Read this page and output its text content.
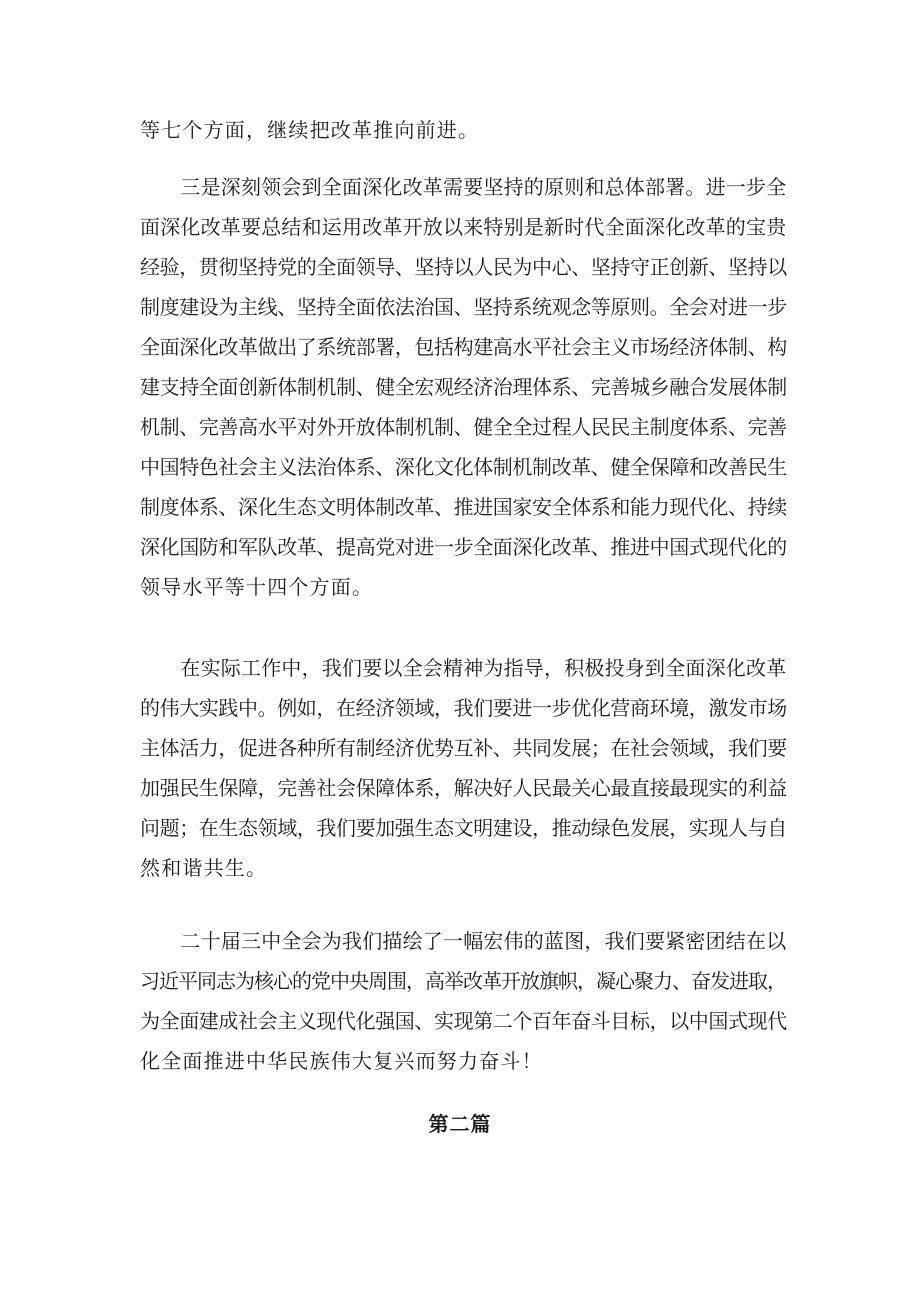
等七个方面，继续把改革推向前进。
　　三是深刻领会到全面深化改革需要坚持的原则和总体部署。进一步全
面深化改革要总结和运用改革开放以来特别是新时代全面深化改革的宝贵
经验，贯彻坚持党的全面领导、坚持以人民为中心、坚持守正创新、坚持以
制度建设为主线、坚持全面依法治国、坚持系统观念等原则。全会对进一步
全面深化改革做出了系统部署，包括构建高水平社会主义市场经济体制、构
建支持全面创新体制机制、健全宏观经济治理体系、完善城乡融合发展体制
机制、完善高水平对外开放体制机制、健全全过程人民民主制度体系、完善
中国特色社会主义法治体系、深化文化体制机制改革、健全保障和改善民生
制度体系、深化生态文明体制改革、推进国家安全体系和能力现代化、持续
深化国防和军队改革、提高党对进一步全面深化改革、推进中国式现代化的
领导水平等十四个方面。
　　在实际工作中，我们要以全会精神为指导，积极投身到全面深化改革
的伟大实践中。例如，在经济领域，我们要进一步优化营商环境，激发市场
主体活力，促进各种所有制经济优势互补、共同发展；在社会领域，我们要
加强民生保障，完善社会保障体系，解决好人民最关心最直接最现实的利益
问题；在生态领域，我们要加强生态文明建设，推动绿色发展，实现人与自
然和谐共生。
　　二十届三中全会为我们描绘了一幅宏伟的蓝图，我们要紧密团结在以
习近平同志为核心的党中央周围，高举改革开放旗帜，凝心聚力、奋发进取，
为全面建成社会主义现代化强国、实现第二个百年奋斗目标，以中国式现代
化全面推进中华民族伟大复兴而努力奋斗！
第二篇
